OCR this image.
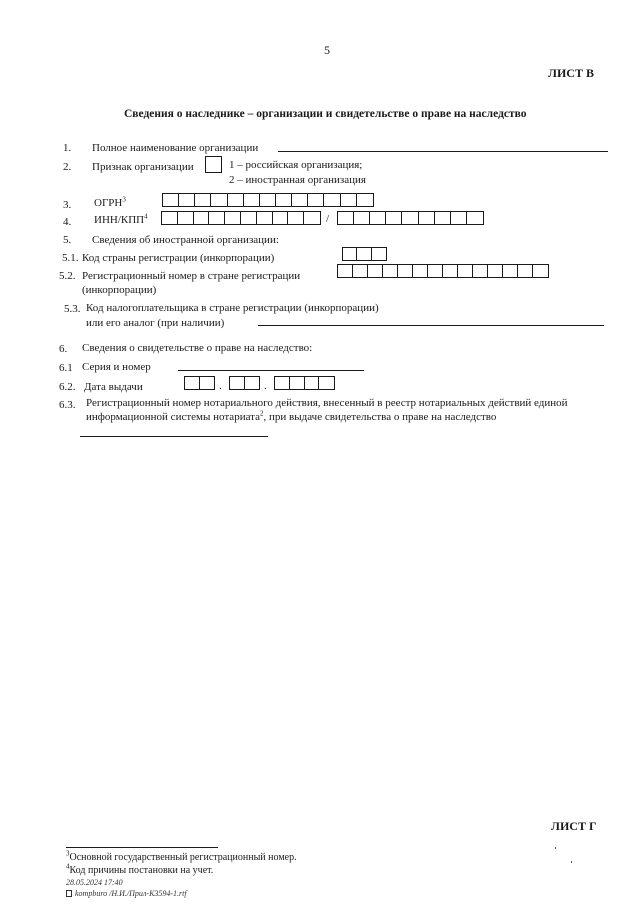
5
ЛИСТ В
Сведения о наследнике – организации и свидетельстве о праве на наследство
1. Полное наименование организации
2. Признак организации	1 – российская организация;
2 – иностранная организация
3. ОГРН$^3$
4. ИНН/КПП$^4$	/
5. Сведения об иностранной организации:
5.1. Код страны регистрации (инкорпорации)
5.2. Регистрационный номер в стране регистрации
(инкорпорации)
5.3. Код налогоплательщика в стране регистрации (инкорпорации)
или его аналог (при наличии)
6. Сведения о свидетельстве о праве на наследство:
6.1 Серия и номер
6.2. Дата выдачи	.	.
6.3. Регистрационный номер нотариального действия, внесенный в реестр нотариальных действий единой
информационной системы нотариата$^2$, при выдаче свидетельства о праве на наследство
ЛИСТ Г
$^3$Основной государственный регистрационный номер.
$^4$Код причины постановки на учет.
28.05.2024 17:40
kompburo /Н.И./Прил-К3594-1.rtf
